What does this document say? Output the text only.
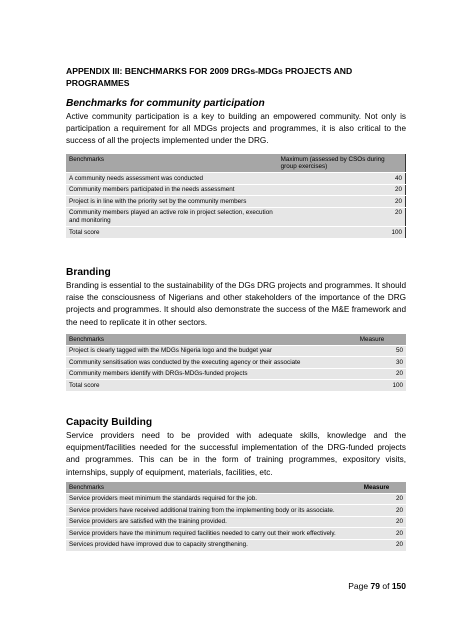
APPENDIX III: BENCHMARKS FOR 2009 DRGs-MDGs PROJECTS AND PROGRAMMES
Benchmarks for community participation
Active community participation is a key to building an empowered community. Not only is participation a requirement for all MDGs projects and programmes, it is also critical to the success of all the projects implemented under the DRG.
Benchmarks	Maximum (assessed by CSOs during group exercises)
A community needs assessment was conducted	40
Community members participated in the needs assessment	20
Project is in line with the priority set by the community members	20
Community members played an active role in project selection, execution and monitoring	20
Total score	100
Branding
Branding is essential to the sustainability of the DGs DRG projects and programmes. It should raise the consciousness of Nigerians and other stakeholders of the importance of the DRG projects and programmes. It should also demonstrate the success of the M&E framework and the need to replicate it in other sectors.
Benchmarks	Measure
Project is clearly tagged with the MDGs Nigeria logo and the budget year	50
Community sensitisation was conducted by the executing agency or their associate	30
Community members identify with DRGs-MDGs-funded projects	20
Total score	100
Capacity Building
Service providers need to be provided with adequate skills, knowledge and the equipment/facilities needed for the successful implementation of the DRG-funded projects and programmes. This can be in the form of training programmes, expository visits, internships, supply of equipment, materials, facilities, etc.
Benchmarks	Measure
Service providers meet minimum the standards required for the job.	20
Service providers have received additional training from the implementing body or its associate.	20
Service providers are satisfied with the training provided.	20
Service providers have the minimum required facilities needed to carry out their work effectively.	20
Services provided have improved due to capacity strengthening.	20
Page 79 of 150
